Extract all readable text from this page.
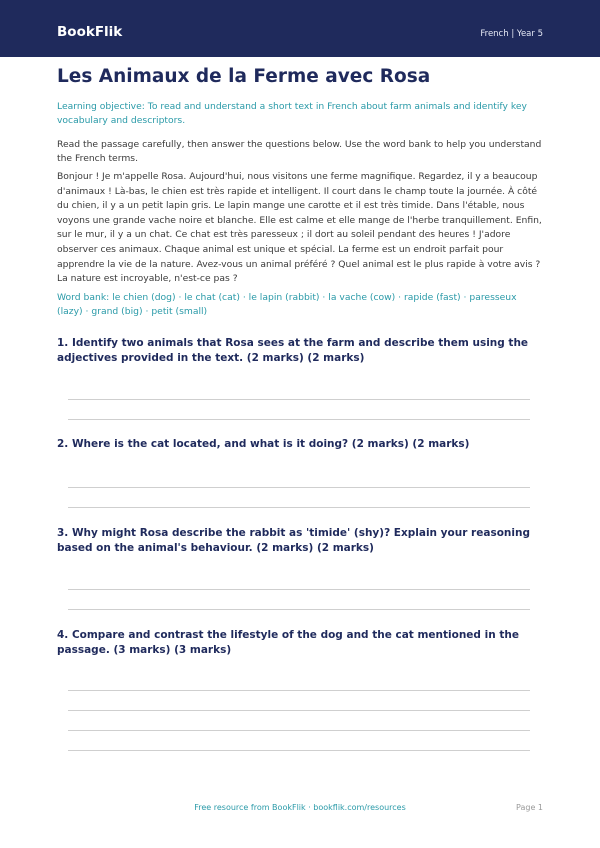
BookFlik	French | Year 5
Les Animaux de la Ferme avec Rosa
Learning objective: To read and understand a short text in French about farm animals and identify key vocabulary and descriptors.
Read the passage carefully, then answer the questions below. Use the word bank to help you understand the French terms.
Bonjour ! Je m'appelle Rosa. Aujourd'hui, nous visitons une ferme magnifique. Regardez, il y a beaucoup d'animaux ! Là-bas, le chien est très rapide et intelligent. Il court dans le champ toute la journée. À côté du chien, il y a un petit lapin gris. Le lapin mange une carotte et il est très timide. Dans l'étable, nous voyons une grande vache noire et blanche. Elle est calme et elle mange de l'herbe tranquillement. Enfin, sur le mur, il y a un chat. Ce chat est très paresseux ; il dort au soleil pendant des heures ! J'adore observer ces animaux. Chaque animal est unique et spécial. La ferme est un endroit parfait pour apprendre la vie de la nature. Avez-vous un animal préféré ? Quel animal est le plus rapide à votre avis ? La nature est incroyable, n'est-ce pas ?
Word bank: le chien (dog) · le chat (cat) · le lapin (rabbit) · la vache (cow) · rapide (fast) · paresseux (lazy) · grand (big) · petit (small)
1. Identify two animals that Rosa sees at the farm and describe them using the adjectives provided in the text. (2 marks) (2 marks)
2. Where is the cat located, and what is it doing? (2 marks) (2 marks)
3. Why might Rosa describe the rabbit as 'timide' (shy)? Explain your reasoning based on the animal's behaviour. (2 marks) (2 marks)
4. Compare and contrast the lifestyle of the dog and the cat mentioned in the passage. (3 marks) (3 marks)
Free resource from BookFlik · bookflik.com/resources	Page 1
